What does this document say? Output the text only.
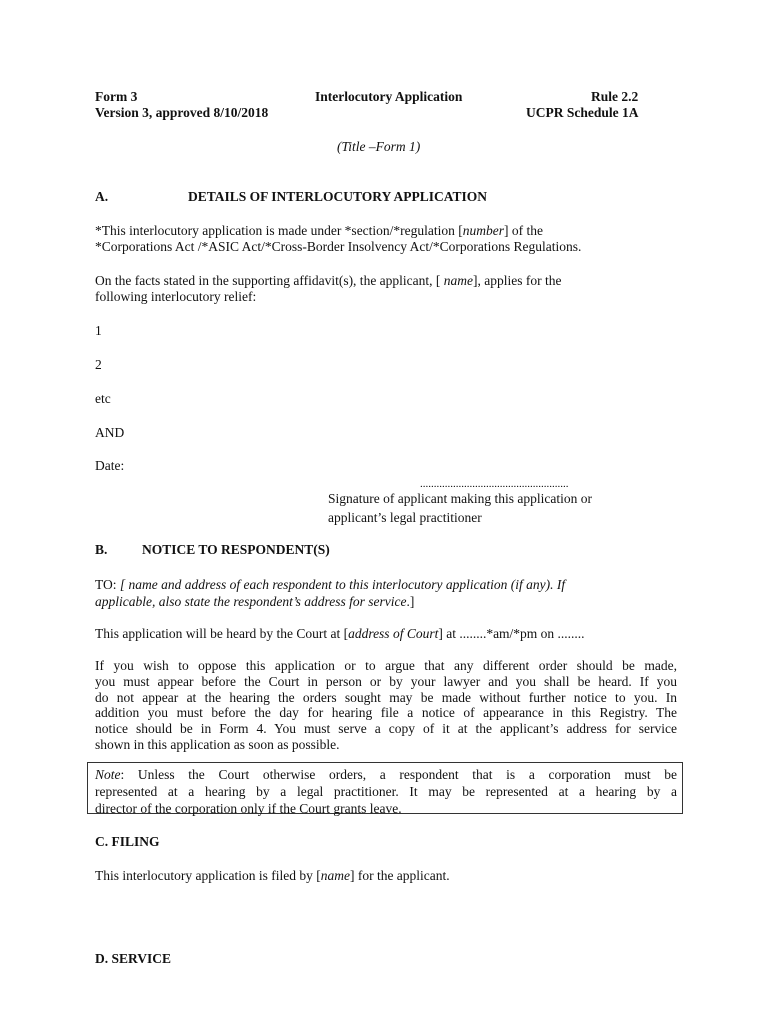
Form 3	Interlocutory Application	Rule 2.2
Version 3, approved 8/10/2018	UCPR Schedule 1A
(Title –Form 1)
A.	DETAILS OF INTERLOCUTORY APPLICATION
*This interlocutory application is made under *section/*regulation [number] of the
*Corporations Act /*ASIC Act/*Cross-Border Insolvency Act/*Corporations Regulations.
On the facts stated in the supporting affidavit(s), the applicant, [ name], applies for the
following interlocutory relief:
1
2
etc
AND
Date:
......................................................
Signature of applicant making this application or
applicant’s legal practitioner
B.	NOTICE TO RESPONDENT(S)
TO: [ name and address of each respondent to this interlocutory application (if any). If
applicable, also state the respondent’s address for service.]
This application will be heard by the Court at [address of Court] at ........*am/*pm on ........
If you wish to oppose this application or to argue that any different order should be made,
you must appear before the Court in person or by your lawyer and you shall be heard. If you
do not appear at the hearing the orders sought may be made without further notice to you. In
addition you must before the day for hearing file a notice of appearance in this Registry. The
notice should be in Form 4. You must serve a copy of it at the applicant’s address for service
shown in this application as soon as possible.
Note: Unless the Court otherwise orders, a respondent that is a corporation must be
represented at a hearing by a legal practitioner. It may be represented at a hearing by a
director of the corporation only if the Court grants leave.
C. FILING
This interlocutory application is filed by [name] for the applicant.
D. SERVICE
